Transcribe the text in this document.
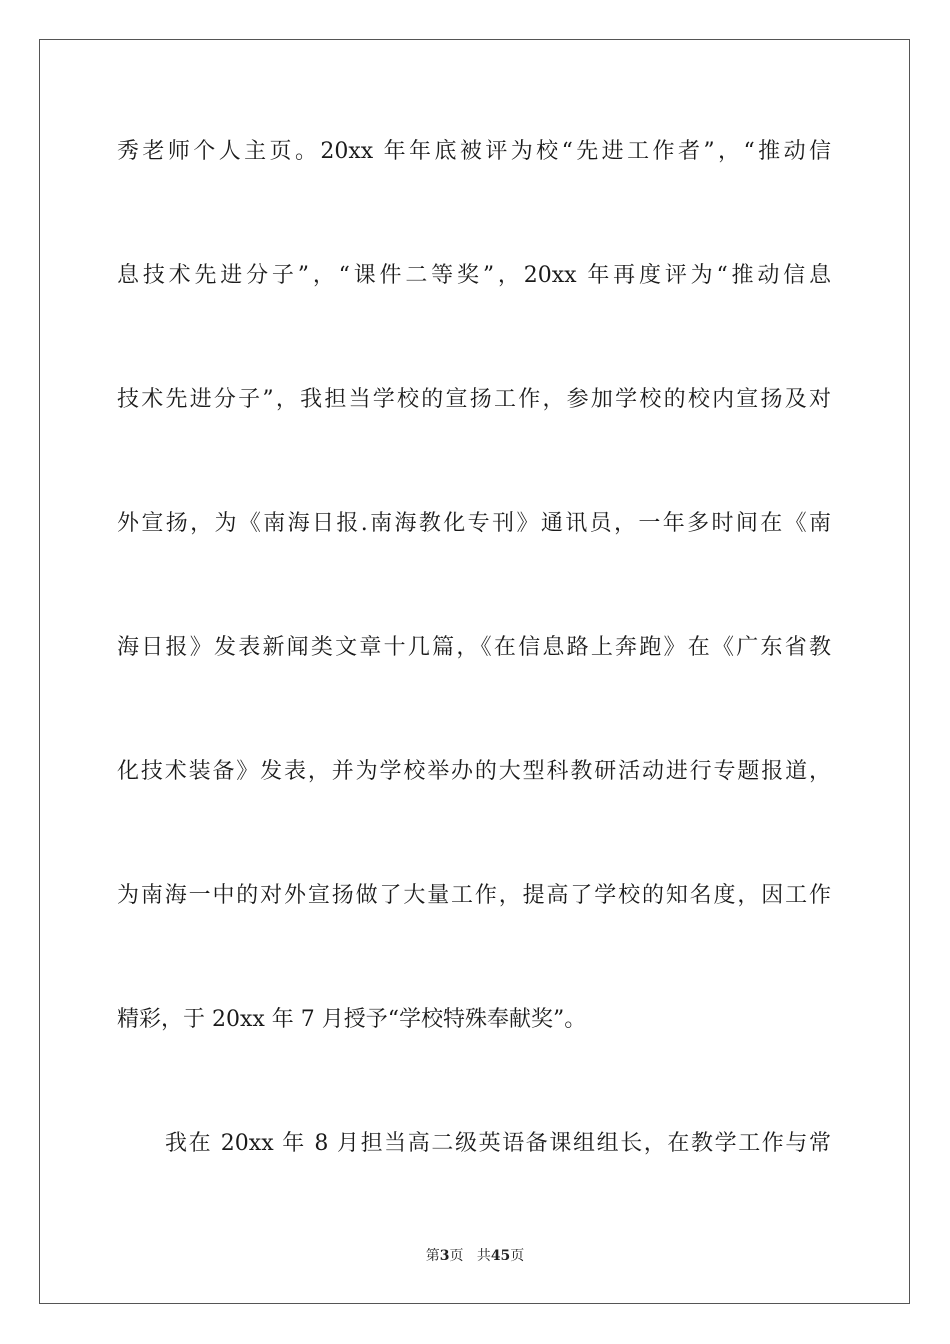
秀老师个人主页。20xx 年年底被评为校“先进工作者”，“推动信
息技术先进分子”，“课件二等奖”，20xx 年再度评为“推动信息
技术先进分子”，我担当学校的宣扬工作，参加学校的校内宣扬及对
外宣扬，为《南海日报.南海教化专刊》通讯员，一年多时间在《南
海日报》发表新闻类文章十几篇，《在信息路上奔跑》在《广东省教
化技术装备》发表，并为学校举办的大型科教研活动进行专题报道，
为南海一中的对外宣扬做了大量工作，提高了学校的知名度，因工作
精彩，于 20xx 年 7 月授予“学校特殊奉献奖”。
我在 20xx 年 8 月担当高二级英语备课组组长，在教学工作与常
第3页 共45页
